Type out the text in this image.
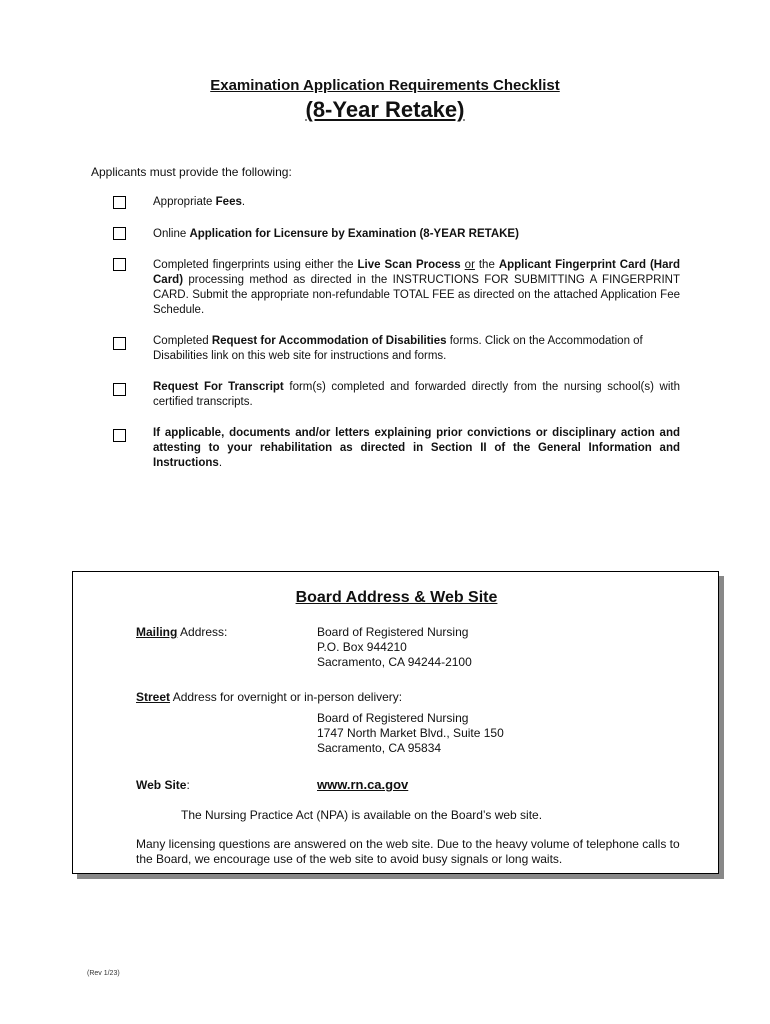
Examination Application Requirements Checklist
(8-Year Retake)
Applicants must provide the following:
Appropriate Fees.
Online Application for Licensure by Examination (8-YEAR RETAKE)
Completed fingerprints using either the Live Scan Process or the Applicant Fingerprint Card (Hard Card) processing method as directed in the INSTRUCTIONS FOR SUBMITTING A FINGERPRINT CARD. Submit the appropriate non-refundable TOTAL FEE as directed on the attached Application Fee Schedule.
Completed Request for Accommodation of Disabilities forms. Click on the Accommodation of Disabilities link on this web site for instructions and forms.
Request For Transcript form(s) completed and forwarded directly from the nursing school(s) with certified transcripts.
If applicable, documents and/or letters explaining prior convictions or disciplinary action and attesting to your rehabilitation as directed in Section II of the General Information and Instructions.
Board Address & Web Site
Mailing Address:	Board of Registered Nursing
P.O. Box 944210
Sacramento, CA 94244-2100
Street Address for overnight or in-person delivery:
Board of Registered Nursing
1747 North Market Blvd., Suite 150
Sacramento, CA 95834
Web Site:	www.rn.ca.gov
The Nursing Practice Act (NPA) is available on the Board’s web site.
Many licensing questions are answered on the web site. Due to the heavy volume of telephone calls to the Board, we encourage use of the web site to avoid busy signals or long waits.
(Rev 1/23)
